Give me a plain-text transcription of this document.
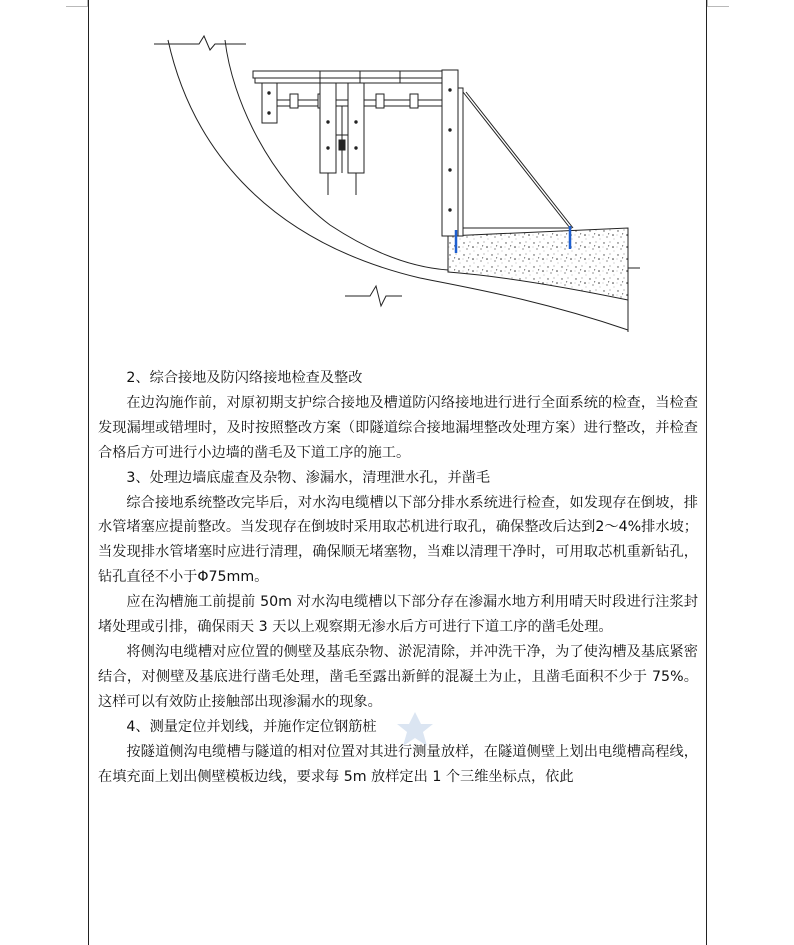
2、综合接地及防闪络接地检查及整改

在边沟施作前，对原初期支护综合接地及槽道防闪络接地进行进行全面系统的检查，当检查发现漏埋或错埋时，及时按照整改方案（即隧道综合接地漏埋整改处理方案）进行整改，并检查合格后方可进行小边墙的凿毛及下道工序的施工。

3、处理边墙底虚查及杂物、渗漏水，清理泄水孔，并凿毛

综合接地系统整改完毕后，对水沟电缆槽以下部分排水系统进行检查，如发现存在倒坡，排水管堵塞应提前整改。当发现存在倒坡时采用取芯机进行取孔，确保整改后达到2～4%排水坡；当发现排水管堵塞时应进行清理，确保顺无堵塞物，当难以清理干净时，可用取芯机重新钻孔，钻孔直径不小于Φ75mm。

应在沟槽施工前提前 50m 对水沟电缆槽以下部分存在渗漏水地方利用晴天时段进行注浆封堵处理或引排，确保雨天 3 天以上观察期无渗水后方可进行下道工序的凿毛处理。

将侧沟电缆槽对应位置的侧壁及基底杂物、淤泥清除，并冲洗干净，为了使沟槽及基底紧密结合，对侧壁及基底进行凿毛处理，凿毛至露出新鲜的混凝土为止，且凿毛面积不少于 75%。这样可以有效防止接触部出现渗漏水的现象。

4、测量定位并划线，并施作定位钢筋桩

按隧道侧沟电缆槽与隧道的相对位置对其进行测量放样，在隧道侧壁上划出电缆槽高程线，在填充面上划出侧壁模板边线，要求每 5m 放样定出 1 个三维坐标点，依此
